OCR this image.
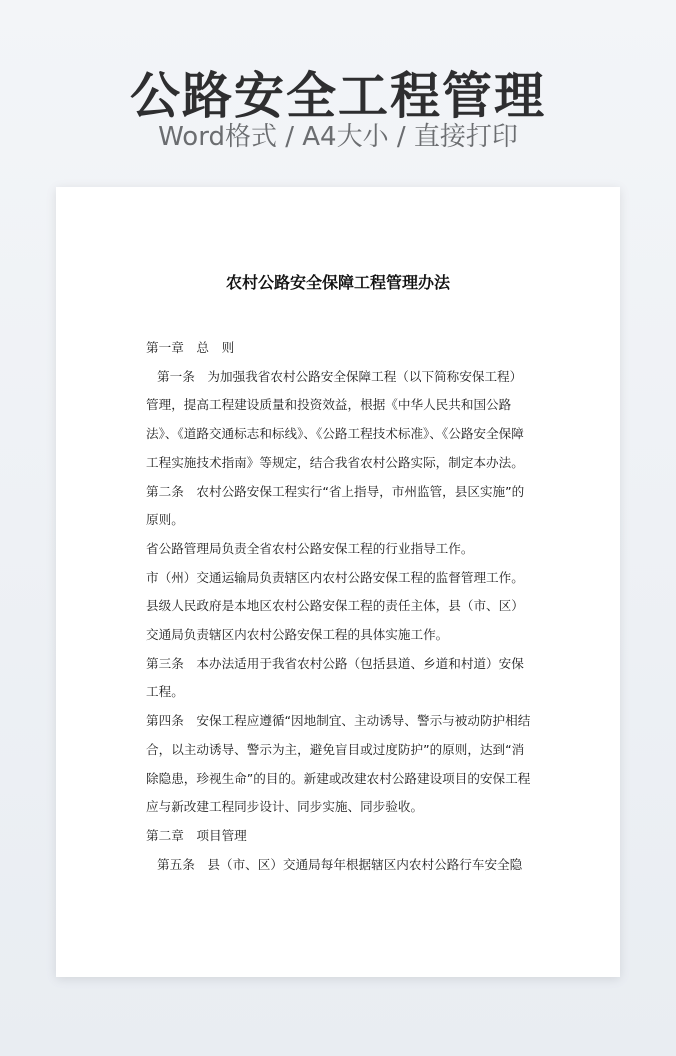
公路安全工程管理
Word格式 / A4大小 / 直接打印
农村公路安全保障工程管理办法

第一章　总　则

第一条　为加强我省农村公路安全保障工程（以下简称安保工程）管理，提高工程建设质量和投资效益，根据《中华人民共和国公路法》、《道路交通标志和标线》、《公路工程技术标准》、《公路安全保障工程实施技术指南》等规定，结合我省农村公路实际，制定本办法。

第二条　农村公路安保工程实行“省上指导，市州监管，县区实施”的原则。

省公路管理局负责全省农村公路安保工程的行业指导工作。

市（州）交通运输局负责辖区内农村公路安保工程的监督管理工作。

县级人民政府是本地区农村公路安保工程的责任主体，县（市、区）交通局负责辖区内农村公路安保工程的具体实施工作。

第三条　本办法适用于我省农村公路（包括县道、乡道和村道）安保工程。

第四条　安保工程应遵循“因地制宜、主动诱导、警示与被动防护相结合，以主动诱导、警示为主，避免盲目或过度防护”的原则，达到“消除隐患，珍视生命”的目的。新建或改建农村公路建设项目的安保工程应与新改建工程同步设计、同步实施、同步验收。

第二章　项目管理

第五条　县（市、区）交通局每年根据辖区内农村公路行车安全隐
